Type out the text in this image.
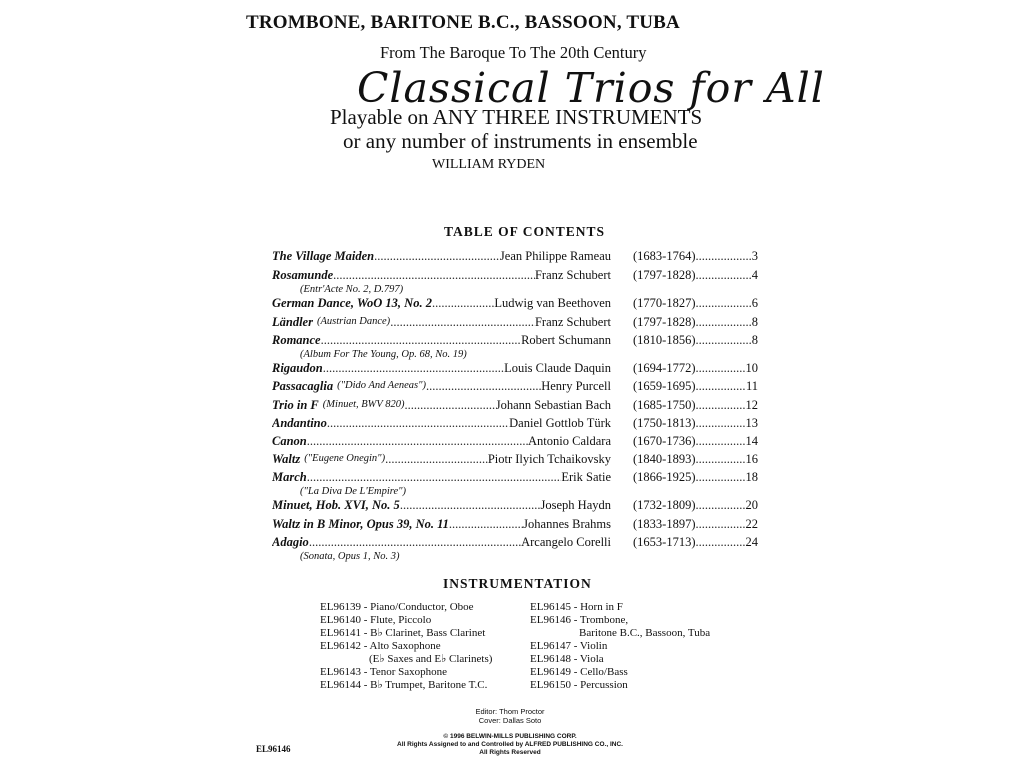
TROMBONE, BARITONE B.C., BASSOON, TUBA
From The Baroque To The 20th Century
Classical Trios for All
Playable on ANY THREE INSTRUMENTS
or any number of instruments in ensemble
WILLIAM RYDEN
TABLE OF CONTENTS
The Village Maiden .....	Jean Philippe Rameau (1683-1764) .....	3
Rosamunde .....	Franz Schubert (1797-1828) .....	4
(Entr'Acte No. 2, D.797)
German Dance, WoO 13, No. 2 .....	Ludwig van Beethoven (1770-1827) .....	6
Ländler (Austrian Dance) .....	Franz Schubert (1797-1828) .....	8
Romance .....	Robert Schumann (1810-1856) .....	8
(Album For The Young, Op. 68, No. 19)
Rigaudon .....	Louis Claude Daquin (1694-1772) .....	10
Passacaglia ("Dido And Aeneas") .....	Henry Purcell (1659-1695) .....	11
Trio in F (Minuet, BWV 820) .....	Johann Sebastian Bach (1685-1750) .....	12
Andantino .....	Daniel Gottlob Türk (1750-1813) .....	13
Canon .....	Antonio Caldara (1670-1736) .....	14
Waltz ("Eugene Onegin") .....	Piotr Ilyich Tchaikovsky (1840-1893) .....	16
March .....	Erik Satie (1866-1925) .....	18
("La Diva De L'Empire")
Minuet, Hob. XVI, No. 5 .....	Joseph Haydn (1732-1809) .....	20
Waltz in B Minor, Opus 39, No. 11 .....	Johannes Brahms (1833-1897) .....	22
Adagio .....	Arcangelo Corelli (1653-1713) .....	24
(Sonata, Opus 1, No. 3)
INSTRUMENTATION
EL96139 - Piano/Conductor, Oboe
EL96140 - Flute, Piccolo
EL96141 - B♭ Clarinet, Bass Clarinet
EL96142 - Alto Saxophone
(E♭ Saxes and E♭ Clarinets)
EL96143 - Tenor Saxophone
EL96144 - B♭ Trumpet, Baritone T.C.
EL96145 - Horn in F
EL96146 - Trombone,
Baritone B.C., Bassoon, Tuba
EL96147 - Violin
EL96148 - Viola
EL96149 - Cello/Bass
EL96150 - Percussion
Editor: Thom Proctor
Cover: Dallas Soto
© 1996 BELWIN-MILLS PUBLISHING CORP.
All Rights Assigned to and Controlled by ALFRED PUBLISHING CO., INC.
All Rights Reserved
EL96146
